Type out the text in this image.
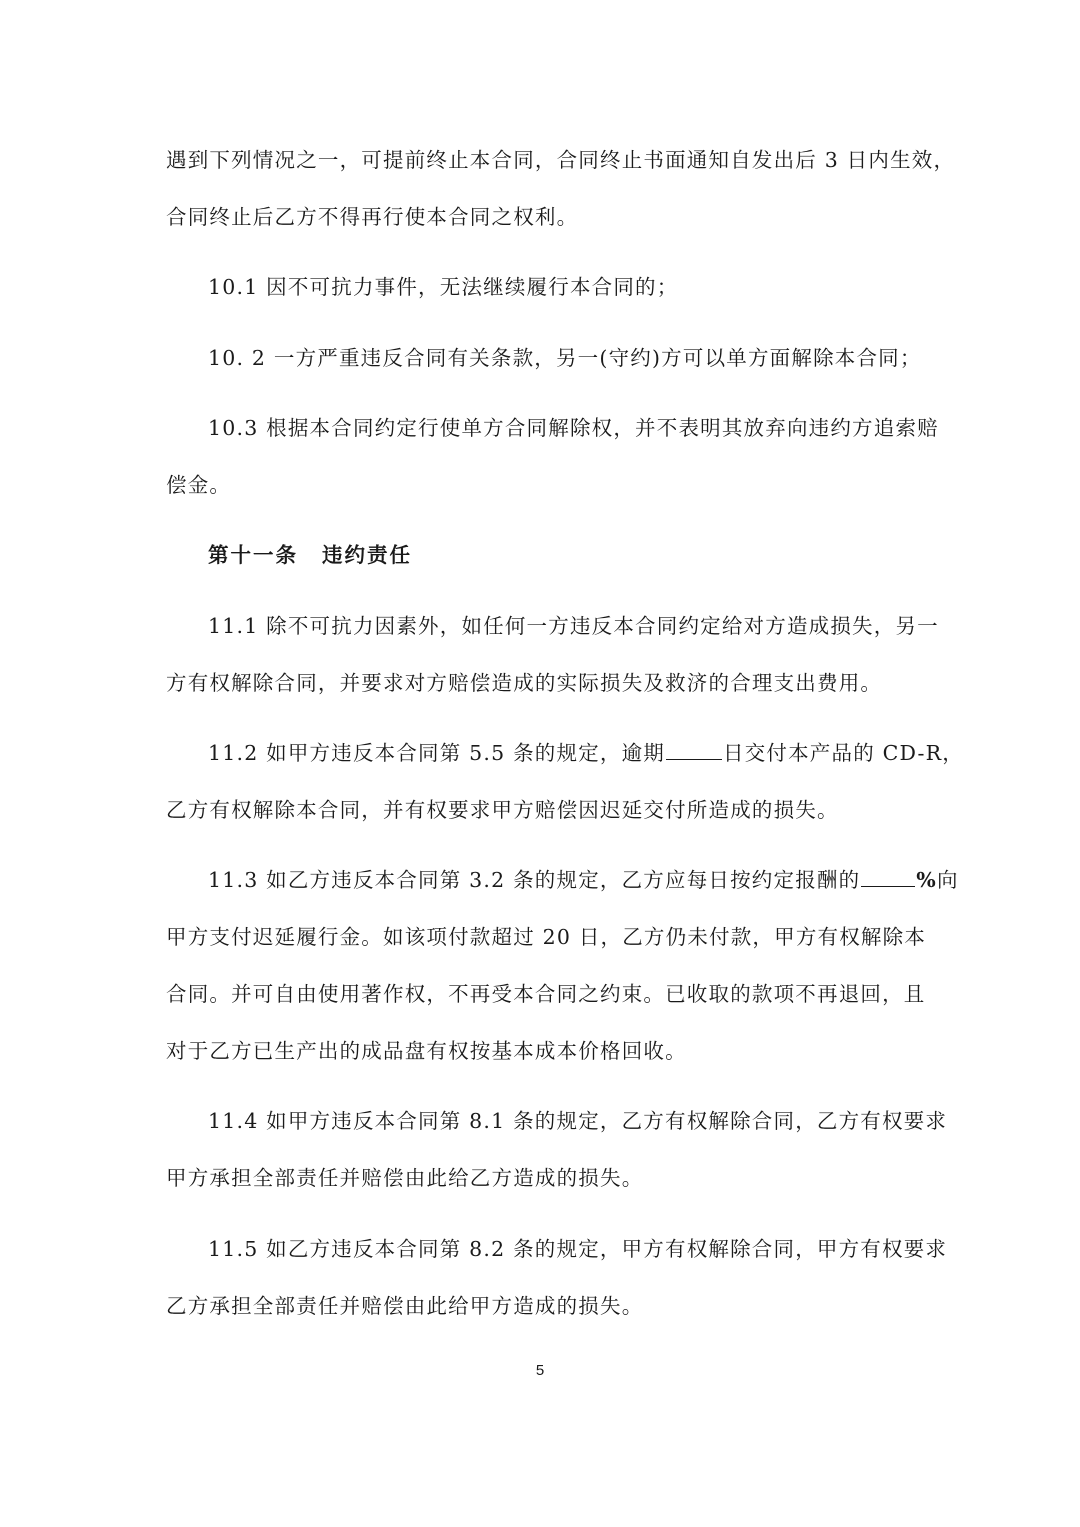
遇到下列情况之一，可提前终止本合同，合同终止书面通知自发出后 3 日内生效，
合同终止后乙方不得再行使本合同之权利。
10.1 因不可抗力事件，无法继续履行本合同的；
10. 2 一方严重违反合同有关条款，另一(守约)方可以单方面解除本合同；
10.3 根据本合同约定行使单方合同解除权，并不表明其放弃向违约方追索赔
偿金。
第十一条 违约责任
11.1 除不可抗力因素外，如任何一方违反本合同约定给对方造成损失，另一
方有权解除合同，并要求对方赔偿造成的实际损失及救济的合理支出费用。
11.2 如甲方违反本合同第 5.5 条的规定，逾期	日交付本产品的 CD-R，
乙方有权解除本合同，并有权要求甲方赔偿因迟延交付所造成的损失。
11.3 如乙方违反本合同第 3.2 条的规定，乙方应每日按约定报酬的	%向
甲方支付迟延履行金。如该项付款超过 20 日，乙方仍未付款，甲方有权解除本
合同。并可自由使用著作权，不再受本合同之约束。已收取的款项不再退回，且
对于乙方已生产出的成品盘有权按基本成本价格回收。
11.4 如甲方违反本合同第 8.1 条的规定，乙方有权解除合同，乙方有权要求
甲方承担全部责任并赔偿由此给乙方造成的损失。
11.5 如乙方违反本合同第 8.2 条的规定，甲方有权解除合同，甲方有权要求
乙方承担全部责任并赔偿由此给甲方造成的损失。
5
